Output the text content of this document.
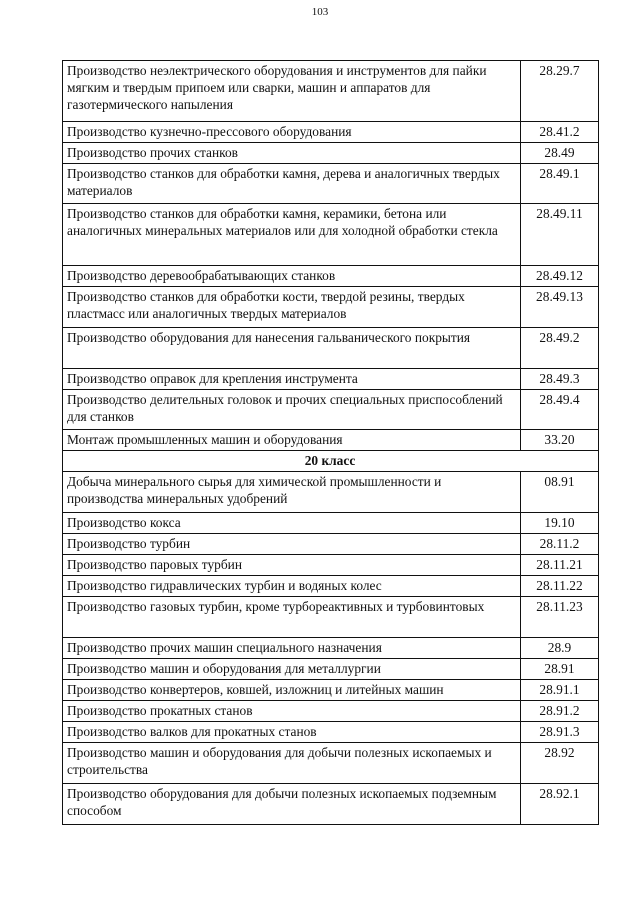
103
Производство неэлектрического оборудования и инструментов для пайки мягким и твердым припоем или сварки, машин и аппаратов для газотермического напыления	28.29.7
Производство кузнечно-прессового оборудования	28.41.2
Производство прочих станков	28.49
Производство станков для обработки камня, дерева и аналогичных твердых материалов	28.49.1
Производство станков для обработки камня, керамики, бетона или аналогичных минеральных материалов или для холодной обработки стекла	28.49.11
Производство деревообрабатывающих станков	28.49.12
Производство станков для обработки кости, твердой резины, твердых пластмасс или аналогичных твердых материалов	28.49.13
Производство оборудования для нанесения гальванического покрытия	28.49.2
Производство оправок для крепления инструмента	28.49.3
Производство делительных головок и прочих специальных приспособлений для станков	28.49.4
Монтаж промышленных машин и оборудования	33.20
20 класс	
Добыча минерального сырья для химической промышленности и производства минеральных удобрений	08.91
Производство кокса	19.10
Производство турбин	28.11.2
Производство паровых турбин	28.11.21
Производство гидравлических турбин и водяных колес	28.11.22
Производство газовых турбин, кроме турбореактивных и турбовинтовых	28.11.23
Производство прочих машин специального назначения	28.9
Производство машин и оборудования для металлургии	28.91
Производство конвертеров, ковшей, изложниц и литейных машин	28.91.1
Производство прокатных станов	28.91.2
Производство валков для прокатных станов	28.91.3
Производство машин и оборудования для добычи полезных ископаемых и строительства	28.92
Производство оборудования для добычи полезных ископаемых подземным способом	28.92.1
